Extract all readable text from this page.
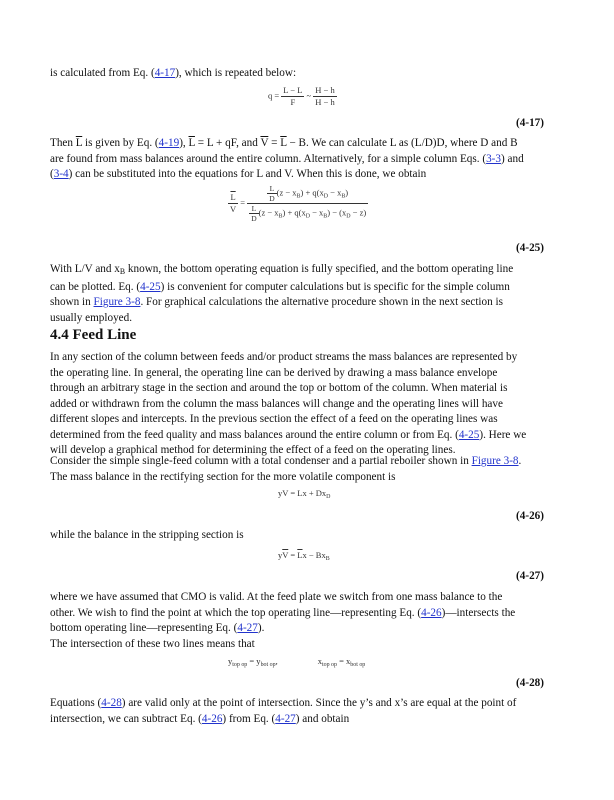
is calculated from Eq. (4-17), which is repeated below:

$q = \frac{L - L}{F}$ ~ $\frac{H - h}{H - h}$
(4-17)
Then $\overline{L}$ is given by Eq. (4-19), $\overline{L} = L$ + qF, and $\overline{V} = \overline{L} - B$. We can calculate L as (L/D)D, where D and B
are found from mass balances around the entire column. Alternatively, for a simple column Eqs. (3-3) and
(3-4) can be substituted into the equations for L and V. When this is done, we obtain
$\frac{\overline{L}}{V} = \frac{\frac{L}{D} (z - x_B) + q(x_D - x_B)}{\frac{L}{D} (z - x_B) + q(x_D - x_B) - (x_D - z)}$
(4-25)
With L/V and $x_B$ known, the bottom operating equation is fully specified, and the bottom operating line
can be plotted. Eq. (4-25) is convenient for computer calculations but is specific for the simple column
shown in Figure 3-8. For graphical calculations the alternative procedure shown in the next section is
usually employed.
4.4 Feed Line
In any section of the column between feeds and/or product streams the mass balances are represented by
the operating line. In general, the operating line can be derived by drawing a mass balance envelope
through an arbitrary stage in the section and around the top or bottom of the column. When material is
added or withdrawn from the column the mass balances will change and the operating lines will have
different slopes and intercepts. In the previous section the effect of a feed on the operating lines was
determined from the feed quality and mass balances around the entire column or from Eq. (4-25). Here we
will develop a graphical method for determining the effect of a feed on the operating lines.
Consider the simple single-feed column with a total condenser and a partial reboiler shown in Figure 3-8.
The mass balance in the rectifying section for the more volatile component is
yV = $Lx + Dx_D$
(4-26)

while the balance in the stripping section is

$y\overline{V} = \overline{L}x - Bx_B$
(4-27)
where we have assumed that CMO is valid. At the feed plate we switch from one mass balance to the
other. We wish to find the point at which the top operating line—representing Eq. (4-26)—intersects the
bottom operating line—representing Eq. (4-27).

The intersection of these two lines means that

$y_{top op} = y_{bot op}$,	$x_{top op} = x_{bot op}$
(4-28)
Equations (4-28) are valid only at the point of intersection. Since the y’s and x’s are equal at the point of
intersection, we can subtract Eq. (4-26) from Eq. (4-27) and obtain
